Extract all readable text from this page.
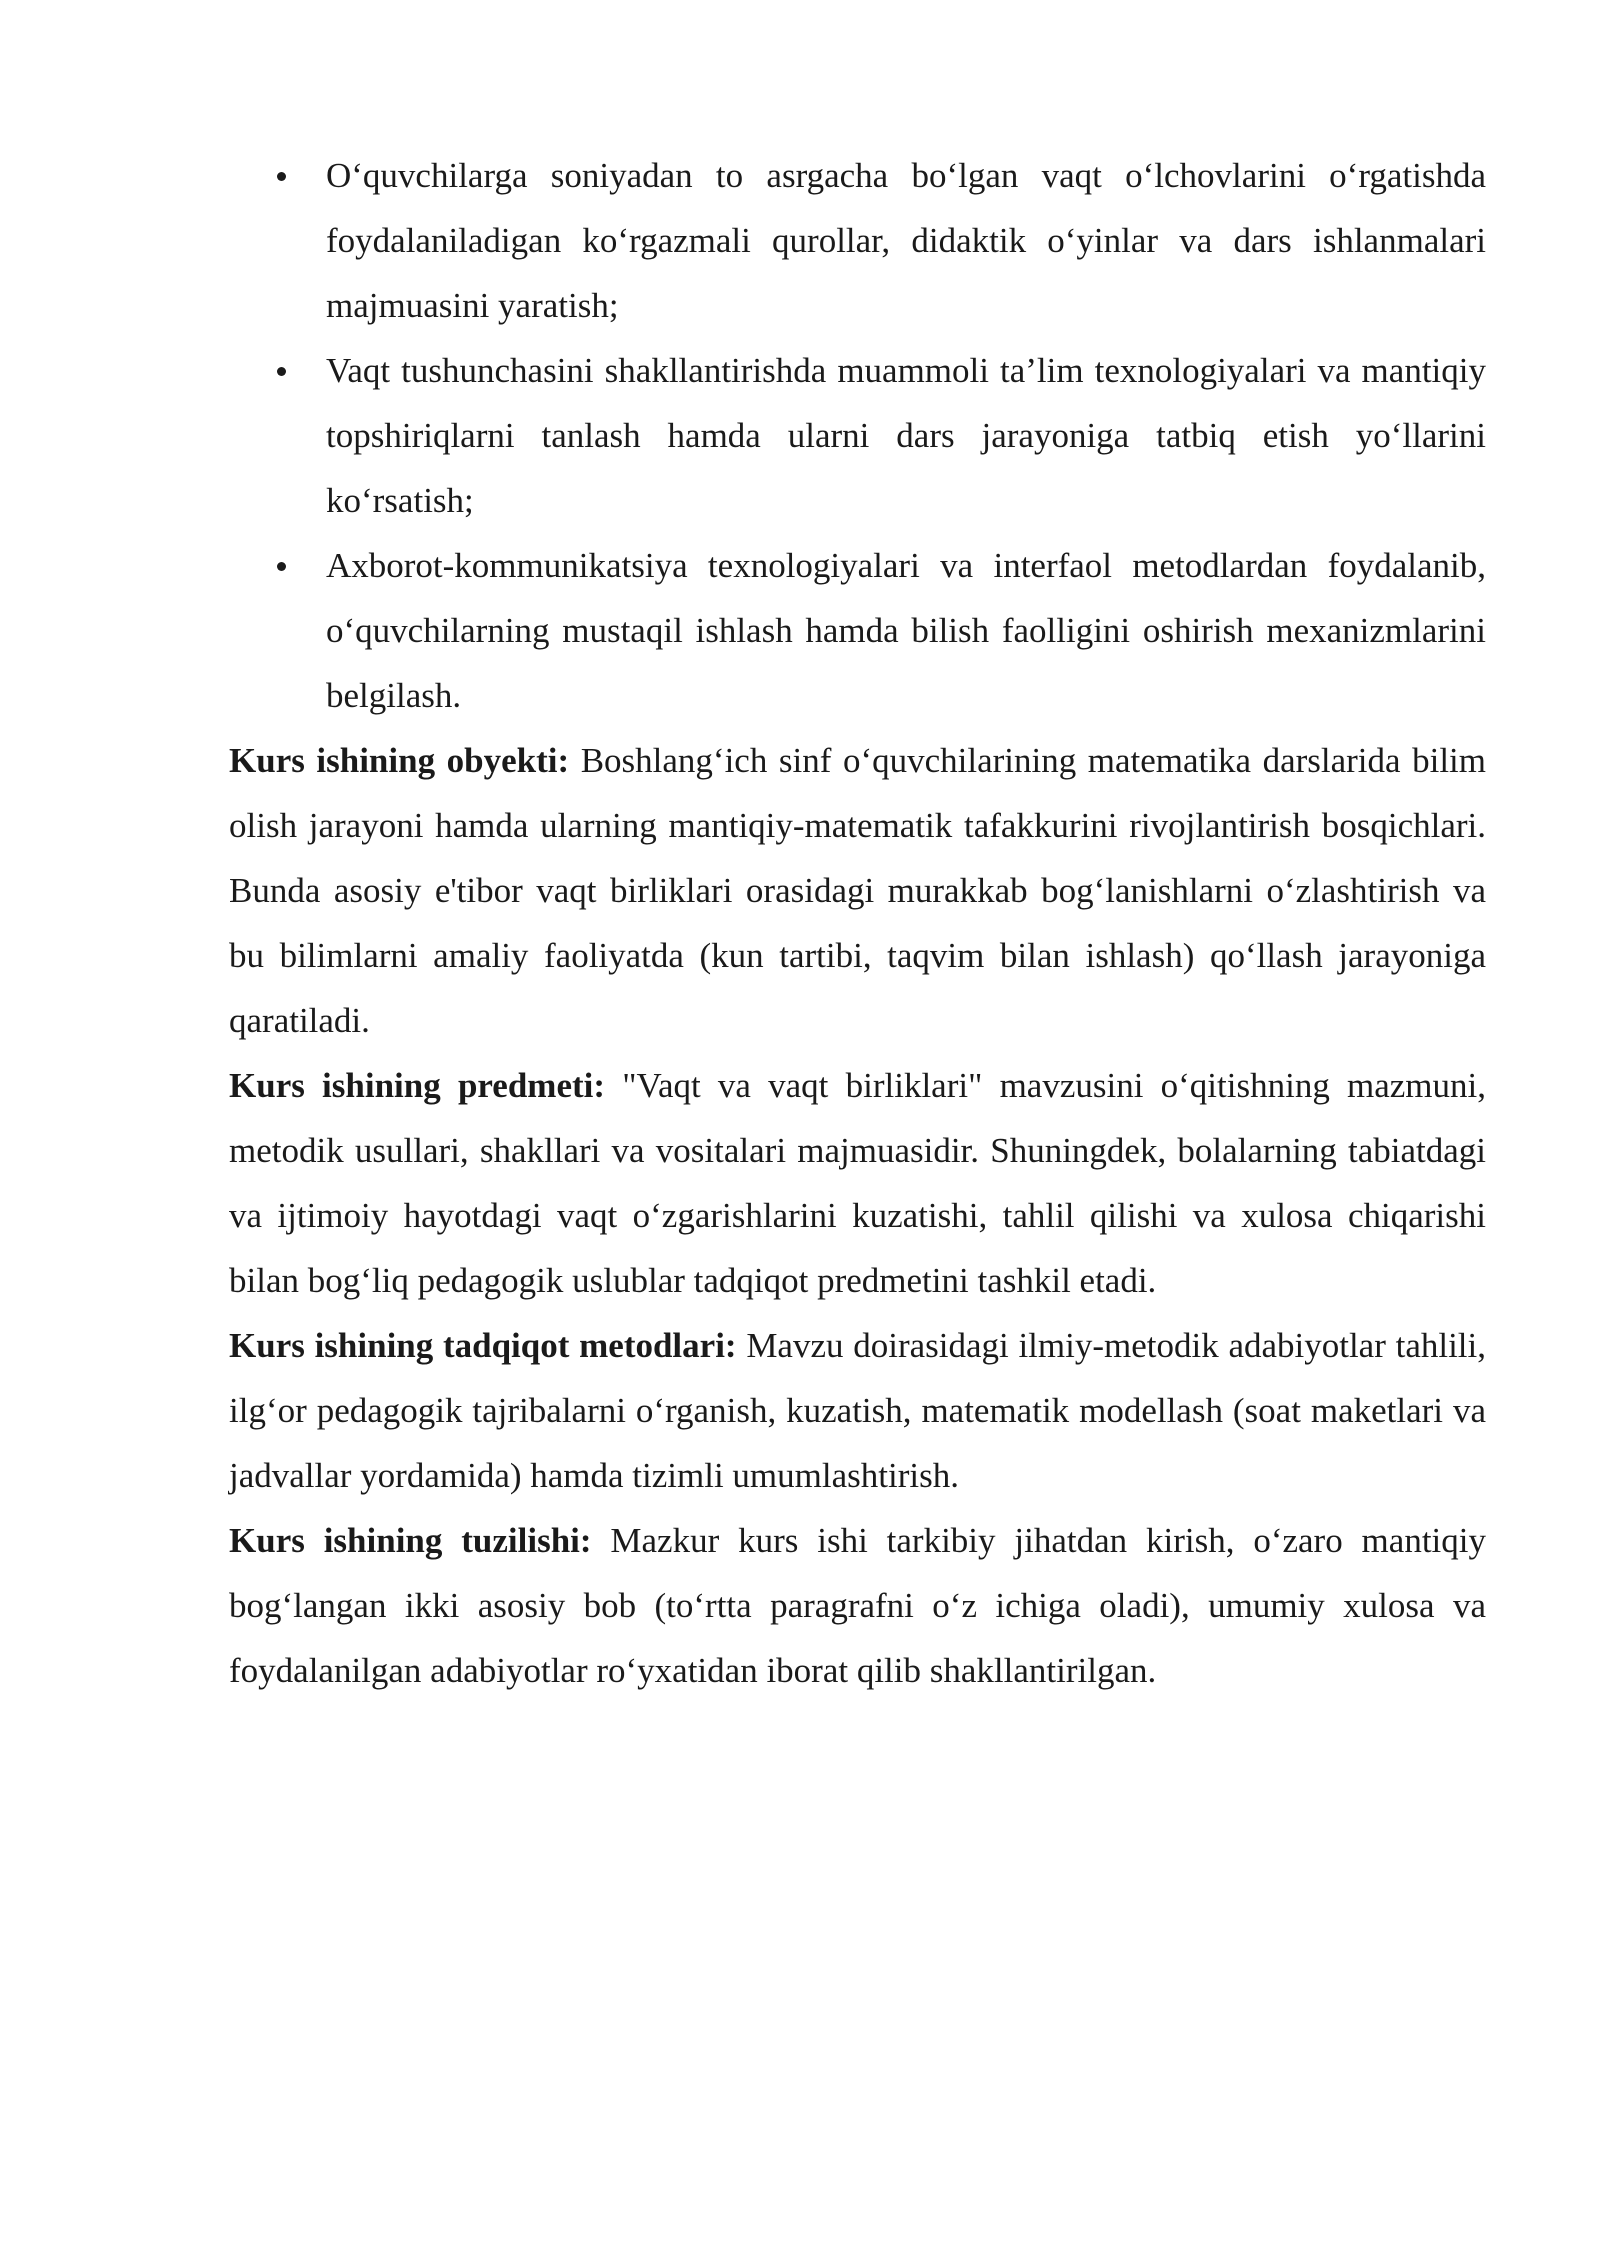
O‘quvchilarga soniyadan to asrgacha bo‘lgan vaqt o‘lchovlarini o‘rgatishda foydalaniladigan ko‘rgazmali qurollar, didaktik o‘yinlar va dars ishlanmalari majmuasini yaratish;
Vaqt tushunchasini shakllantirishda muammoli ta’lim texnologiyalari va mantiqiy topshiriqlarni tanlash hamda ularni dars jarayoniga tatbiq etish yo‘llarini ko‘rsatish;
Axborot-kommunikatsiya texnologiyalari va interfaol metodlardan foydalanib, o‘quvchilarning mustaqil ishlash hamda bilish faolligini oshirish mexanizmlarini belgilash.

Kurs ishining obyekti: Boshlang‘ich sinf o‘quvchilarining matematika darslarida bilim olish jarayoni hamda ularning mantiqiy-matematik tafakkurini rivojlantirish bosqichlari. Bunda asosiy e'tibor vaqt birliklari orasidagi murakkab bog‘lanishlarni o‘zlashtirish va bu bilimlarni amaliy faoliyatda (kun tartibi, taqvim bilan ishlash) qo‘llash jarayoniga qaratiladi.

Kurs ishining predmeti: "Vaqt va vaqt birliklari" mavzusini o‘qitishning mazmuni, metodik usullari, shakllari va vositalari majmuasidir. Shuningdek, bolalarning tabiatdagi va ijtimoiy hayotdagi vaqt o‘zgarishlarini kuzatishi, tahlil qilishi va xulosa chiqarishi bilan bog‘liq pedagogik uslublar tadqiqot predmetini tashkil etadi.

Kurs ishining tadqiqot metodlari: Mavzu doirasidagi ilmiy-metodik adabiyotlar tahlili, ilg‘or pedagogik tajribalarni o‘rganish, kuzatish, matematik modellash (soat maketlari va jadvallar yordamida) hamda tizimli umumlashtirish.

Kurs ishining tuzilishi: Mazkur kurs ishi tarkibiy jihatdan kirish, o‘zaro mantiqiy bog‘langan ikki asosiy bob (to‘rtta paragrafni o‘z ichiga oladi), umumiy xulosa va foydalanilgan adabiyotlar ro‘yxatidan iborat qilib shakllantirilgan.
